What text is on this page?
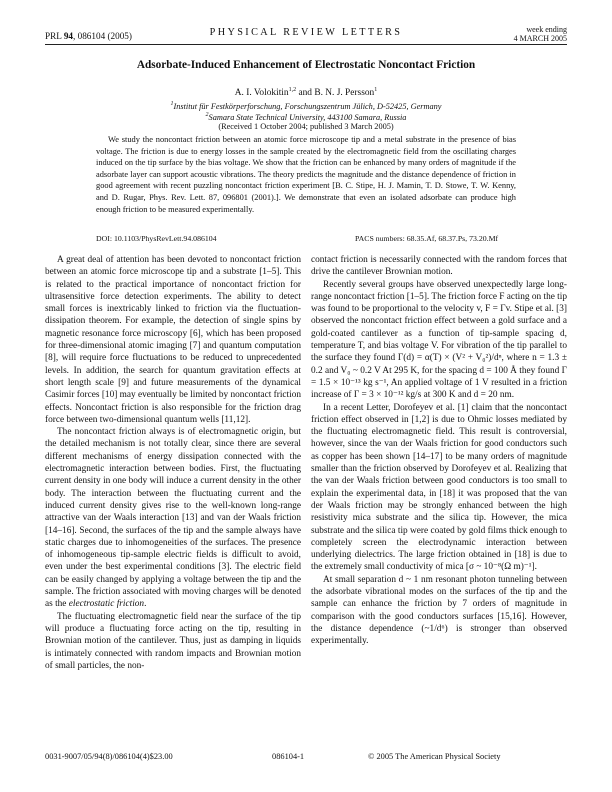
PRL 94, 086104 (2005)	PHYSICAL REVIEW LETTERS	week ending
4 MARCH 2005
Adsorbate-Induced Enhancement of Electrostatic Noncontact Friction
A. I. Volokitin$^{1,2}$ and B. N. J. Persson$^1$
$^1$Institut für Festkörperforschung, Forschungszentrum Jülich, D-52425, Germany
$^2$Samara State Technical University, 443100 Samara, Russia
(Received 1 October 2004; published 3 March 2005)
We study the noncontact friction between an atomic force microscope tip and a metal substrate in the presence of bias voltage. The friction is due to energy losses in the sample created by the electromagnetic field from the oscillating charges induced on the tip surface by the bias voltage. We show that the friction can be enhanced by many orders of magnitude if the adsorbate layer can support acoustic vibrations. The theory predicts the magnitude and the distance dependence of friction in good agreement with recent puzzling noncontact friction experiment [B. C. Stipe, H. J. Mamin, T. D. Stowe, T. W. Kenny, and D. Rugar, Phys. Rev. Lett. 87, 096801 (2001).]. We demonstrate that even an isolated adsorbate can produce high enough friction to be measured experimentally.
DOI: 10.1103/PhysRevLett.94.086104	PACS numbers: 68.35.Af, 68.37.Ps, 73.20.Mf

A great deal of attention has been devoted to noncontact friction between an atomic force microscope tip and a substrate [1–5]. This is related to the practical importance of noncontact friction for ultrasensitive force detection experiments. The ability to detect small forces is inextricably linked to friction via the fluctuation-dissipation theorem. For example, the detection of single spins by magnetic resonance force microscopy [6], which has been proposed for three-dimensional atomic imaging [7] and quantum computation [8], will require force fluctuations to be reduced to unprecedented levels. In addition, the search for quantum gravitation effects at short length scale [9] and future measurements of the dynamical Casimir forces [10] may eventually be limited by noncontact friction effects. Noncontact friction is also responsible for the friction drag force between two-dimensional quantum wells [11,12].

The noncontact friction always is of electromagnetic origin, but the detailed mechanism is not totally clear, since there are several different mechanisms of energy dissipation connected with the electromagnetic interaction between bodies. First, the fluctuating current density in one body will induce a current density in the other body. The interaction between the fluctuating current and the induced current density gives rise to the well-known long-range attractive van der Waals interaction [13] and van der Waals friction [14–16]. Second, the surfaces of the tip and the sample always have static charges due to inhomogeneities of the surfaces. The presence of inhomogeneous tip-sample electric fields is difficult to avoid, even under the best experimental conditions [3]. The electric field can be easily changed by applying a voltage between the tip and the sample. The friction associated with moving charges will be denoted as the electrostatic friction.

The fluctuating electromagnetic field near the surface of the tip will produce a fluctuating force acting on the tip, resulting in Brownian motion of the cantilever. Thus, just as damping in liquids is intimately connected with random impacts and Brownian motion of small particles, the non-

contact friction is necessarily connected with the random forces that drive the cantilever Brownian motion.

Recently several groups have observed unexpectedly large long-range noncontact friction [1–5]. The friction force F acting on the tip was found to be proportional to the velocity v, F = Γv. Stipe et al. [3] observed the noncontact friction effect between a gold surface and a gold-coated cantilever as a function of tip-sample spacing d, temperature T, and bias voltage V. For vibration of the tip parallel to the surface they found Γ(d) = α(T) × (V² + V₀²)/dⁿ, where n = 1.3 ± 0.2 and V₀ ~ 0.2 V At 295 K, for the spacing d = 100 Å they found Γ = 1.5 × 10⁻¹³ kg s⁻¹, An applied voltage of 1 V resulted in a friction increase of Γ = 3 × 10⁻¹² kg/s at 300 K and d = 20 nm.

In a recent Letter, Dorofeyev et al. [1] claim that the noncontact friction effect observed in [1,2] is due to Ohmic losses mediated by the fluctuating electromagnetic field. This result is controversial, however, since the van der Waals friction for good conductors such as copper has been shown [14–17] to be many orders of magnitude smaller than the friction observed by Dorofeyev et al. Realizing that the van der Waals friction between good conductors is too small to explain the experimental data, in [18] it was proposed that the van der Waals friction may be strongly enhanced between the high resistivity mica substrate and the silica tip. However, the mica substrate and the silica tip were coated by gold films thick enough to completely screen the electrodynamic interaction between underlying dielectrics. The large friction obtained in [18] is due to the extremely small conductivity of mica [σ ~ 10⁻⁸(Ω m)⁻¹].

At small separation d ~ 1 nm resonant photon tunneling between the adsorbate vibrational modes on the surfaces of the tip and the sample can enhance the friction by 7 orders of magnitude in comparison with the good conductors surfaces [15,16]. However, the distance dependence (~1/d⁶) is stronger than observed experimentally.

0031-9007/05/94(8)/086104(4)$23.00	086104-1	© 2005 The American Physical Society
